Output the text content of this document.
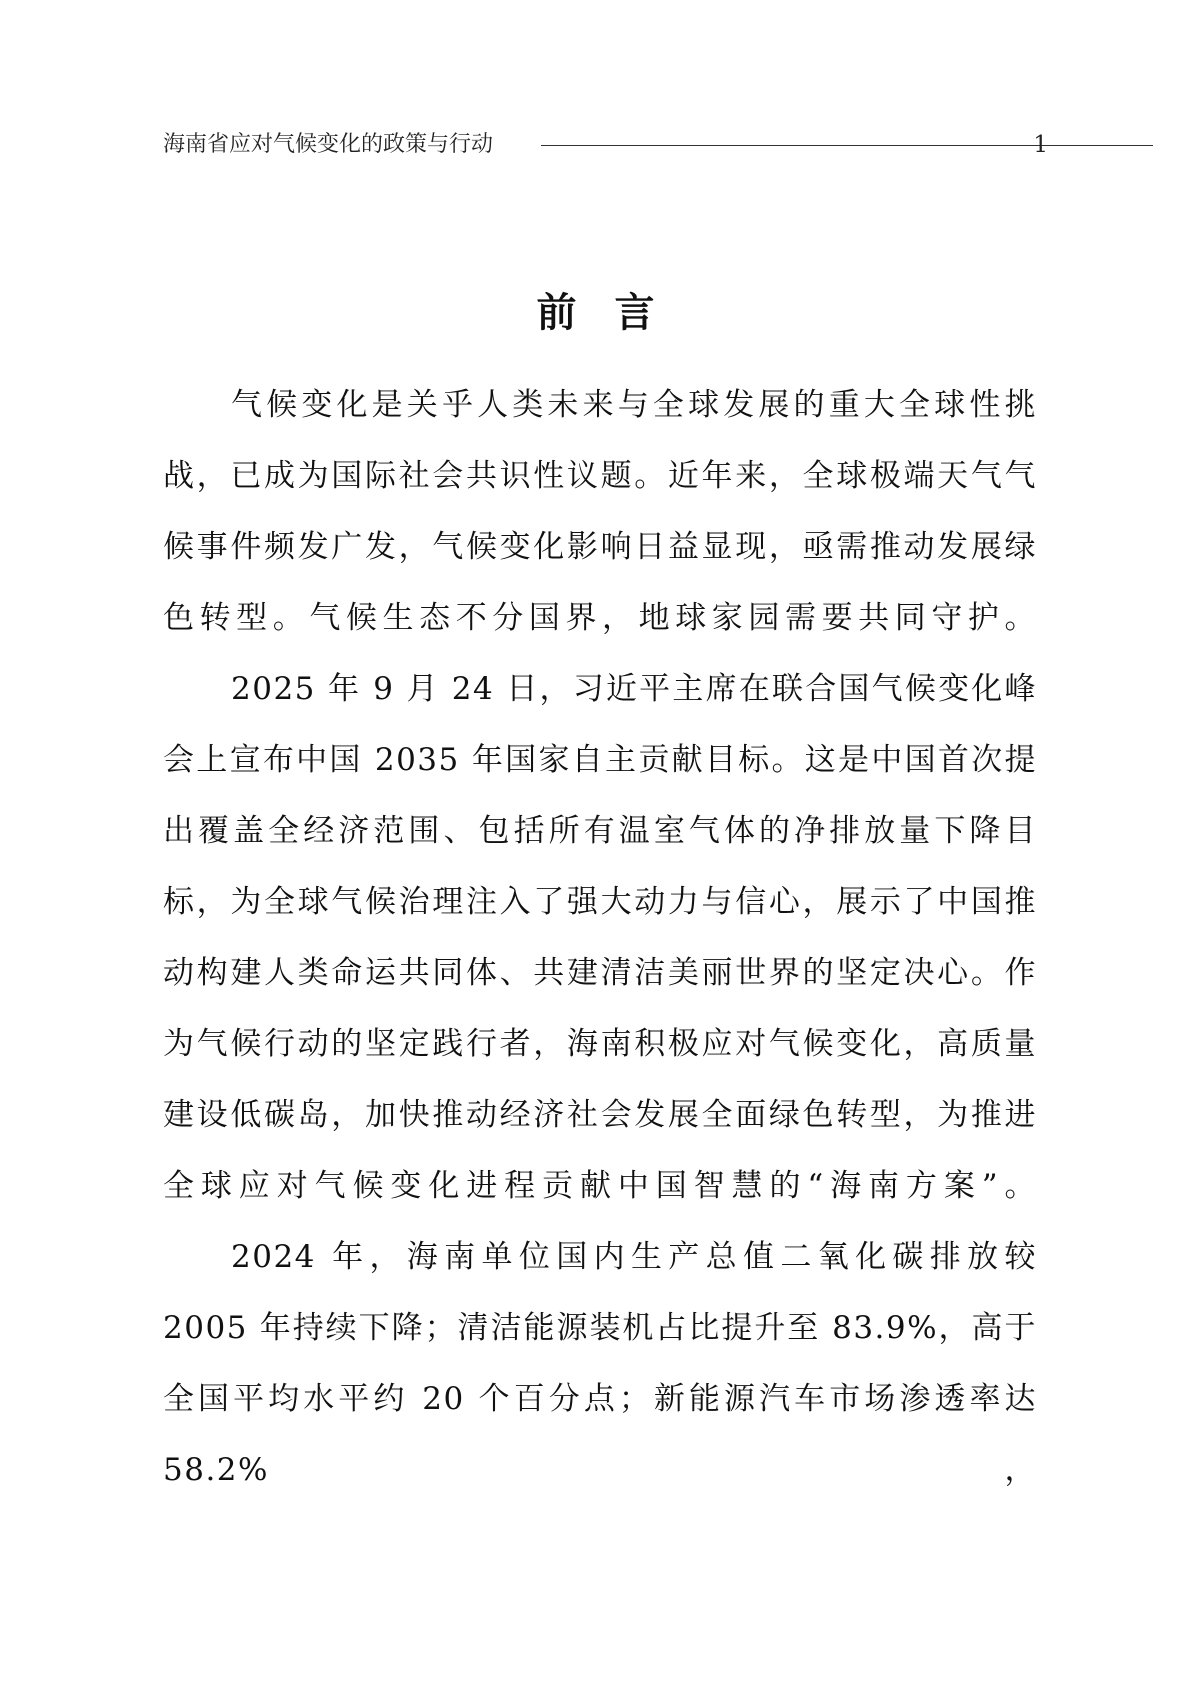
海南省应对气候变化的政策与行动	1
前言

气候变化是关乎人类未来与全球发展的重大全球性挑战，已成为国际社会共识性议题。近年来，全球极端天气气候事件频发广发，气候变化影响日益显现，亟需推动发展绿色转型。气候生态不分国界，地球家园需要共同守护。

2025 年 9 月 24 日，习近平主席在联合国气候变化峰会上宣布中国 2035 年国家自主贡献目标。这是中国首次提出覆盖全经济范围、包括所有温室气体的净排放量下降目标，为全球气候治理注入了强大动力与信心，展示了中国推动构建人类命运共同体、共建清洁美丽世界的坚定决心。作为气候行动的坚定践行者，海南积极应对气候变化，高质量建设低碳岛，加快推动经济社会发展全面绿色转型，为推进全球应对气候变化进程贡献中国智慧的“海南方案”。

2024 年，海南单位国内生产总值二氧化碳排放较 2005 年持续下降；清洁能源装机占比提升至 83.9%，高于全国平均水平约 20 个百分点；新能源汽车市场渗透率达 58.2%，
